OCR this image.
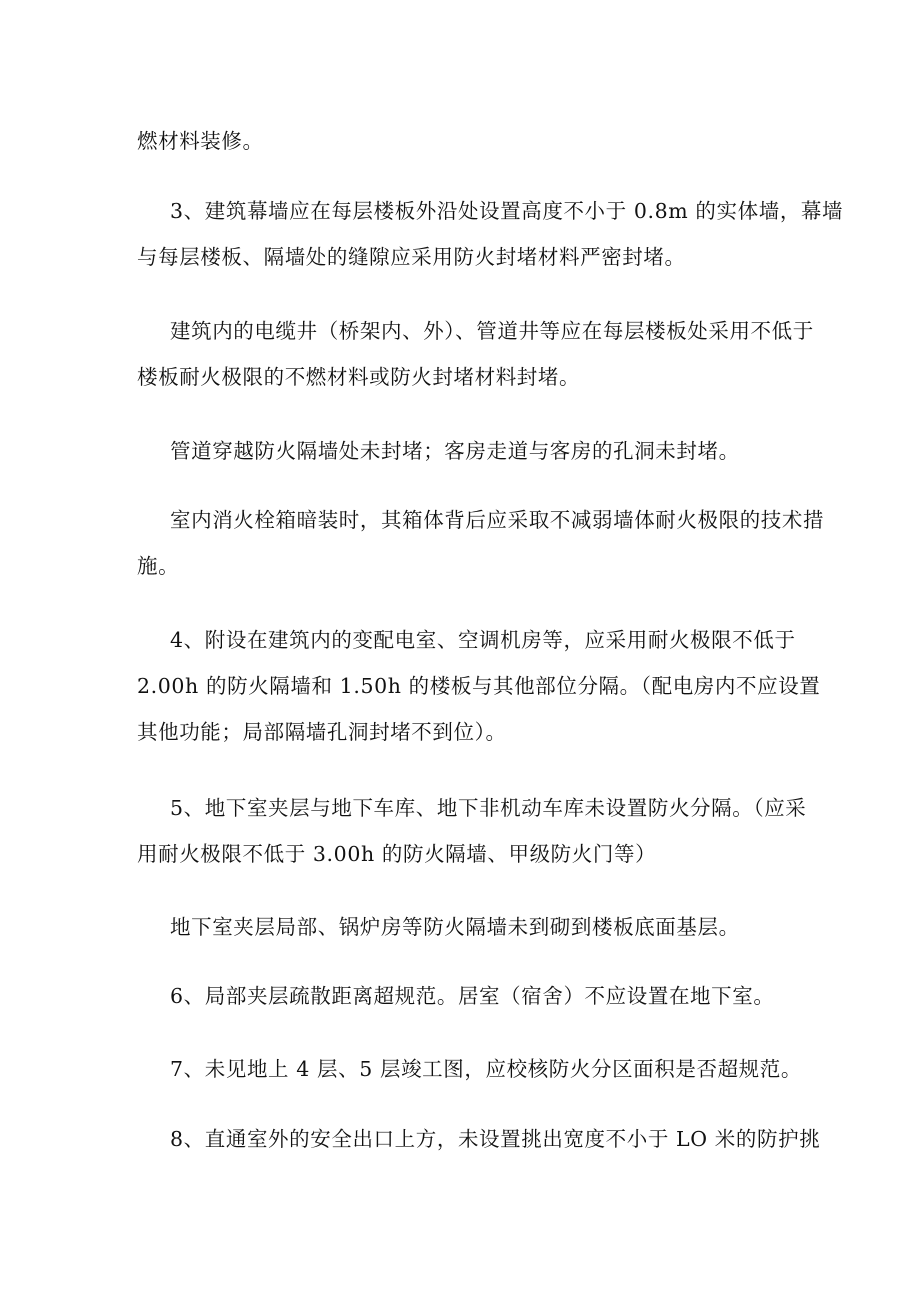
燃材料装修。

3、建筑幕墙应在每层楼板外沿处设置高度不小于 0.8m 的实体墙，幕墙
与每层楼板、隔墙处的缝隙应采用防火封堵材料严密封堵。

建筑内的电缆井（桥架内、外）、管道井等应在每层楼板处采用不低于
楼板耐火极限的不燃材料或防火封堵材料封堵。

管道穿越防火隔墙处未封堵；客房走道与客房的孔洞未封堵。

室内消火栓箱暗装时，其箱体背后应采取不减弱墙体耐火极限的技术措
施。

4、附设在建筑内的变配电室、空调机房等，应采用耐火极限不低于
2.00h 的防火隔墙和 1.50h 的楼板与其他部位分隔。（配电房内不应设置
其他功能；局部隔墙孔洞封堵不到位）。

5、地下室夹层与地下车库、地下非机动车库未设置防火分隔。（应采
用耐火极限不低于 3.00h 的防火隔墙、甲级防火门等）

地下室夹层局部、锅炉房等防火隔墙未到砌到楼板底面基层。

6、局部夹层疏散距离超规范。居室（宿舍）不应设置在地下室。

7、未见地上 4 层、5 层竣工图，应校核防火分区面积是否超规范。

8、直通室外的安全出口上方，未设置挑出宽度不小于 LO 米的防护挑
